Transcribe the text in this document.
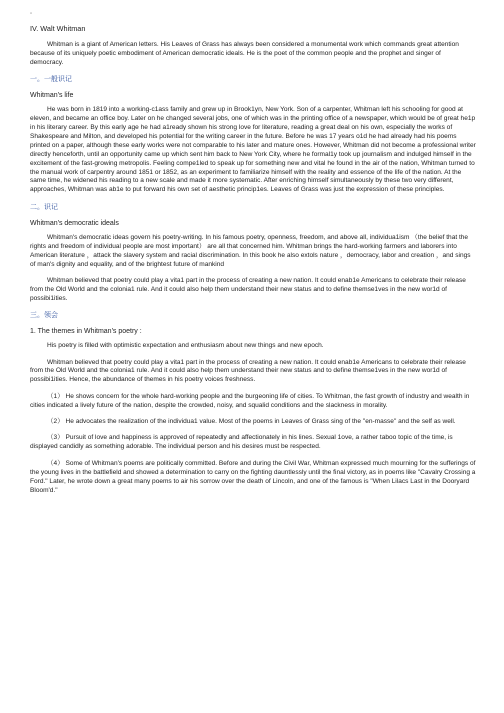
▫
IV. Walt Whitman
Whitman is a giant of American letters. His Leaves of Grass has always been considered a monumental work which commands great attention because of its uniquely poetic embodiment of American democratic ideals. He is the poet of the common people and the prophet and singer of democracy.
一。一般识记
Whitman's life
He was born in 1819 into a working-c1ass family and grew up in Brook1yn, New York. Son of a carpenter, Whitman left his schooling for good at eleven, and became an office boy. Later on he changed several jobs, one of which was in the printing office of a newspaper, which would be of great he1p in his literary career. By this early age he had a1ready shown his strong love for literature, reading a great deal on his own, especially the works of Shakespeare and Milton, and developed his potential for the writing career in the future. Before he was 17 years o1d he had already had his poems printed on a paper, although these early works were not comparable to his later and mature ones. However, Whitman did not become a professional writer directly henceforth, until an opportunity came up which sent him back to New York City, where he formal1y took up journalism and indulged himself in the excitement of the fast-growing metropolis. Feeling compe1led to speak up for something new and vital he found in the air of the nation, Whitman turned to the manual work of carpentry around 1851 or 1852, as an experiment to familiarize himself with the reality and essence of the life of the nation. At the same time, he widened his reading to a new scale and made it more systematic. After enriching himself simultaneously by these two very different, approaches, Whitman was ab1e to put forward his own set of aesthetic princip1es. Leaves of Grass was just the expression of these principles.
二。识记
Whitman's democratic ideals
Whitman's democratic ideas govern his poetry-writing. In his famous poetry, openness, freedom, and above all, individua1ism （the belief that the rights and freedom of individual people are most important） are all that concerned him. Whitman brings the hard-working farmers and laborers into American literature ，attack the slavery system and racial discrimination. In this book he also extols nature ，democracy, labor and creation ，and sings of man's dignity and equality, and of the brightest future of mankind
Whitman believed that poetry could play a vita1 part in the process of creating a new nation. It could enab1e Americans to celebrate their release from the Old World and the colonia1 rule. And it could also help them understand their new status and to define themse1ves in the new wor1d of possibi1ities.
三。领会
1. The themes in Whitman's poetry :
His poetry is filled with optimistic expectation and enthusiasm about new things and new epoch.
Whitman believed that poetry could play a vita1 part in the process of creating a new nation. It could enab1e Americans to celebrate their release from the Old World and the colonia1 rule. And it could also help them understand their new status and to define themse1ves in the new wor1d of possibi1ities. Hence, the abundance of themes in his poetry voices freshness.
（1） He shows concern for the whole hard-working people and the burgeoning life of cities. To Whitman, the fast growth of industry and wealth in cities indicated a lively future of the nation, despite the crowded, noisy, and squalid conditions and the slackness in morality.
（2） He advocates the realization of the individua1 value. Most of the poems in Leaves of Grass sing of the "en-masse" and the self as well.
（3） Pursuit of love and happiness is approved of repeatedly and affectionately in his lines. Sexual 1ove, a rather taboo topic of the time, is displayed candidly as something adorable. The individual person and his desires must be respected.
（4） Some of Whitman's poems are politically committed. Before and during the Civil War, Whitman expressed much mourning for the sufferings of the young lives in the battlefield and showed a determination to carry on the fighting dauntlessly until the final victory, as in poems like "Cavalry Crossing a Ford." Later, he wrote down a great many poems to air his sorrow over the death of Lincoln, and one of the famous is "When Lilacs Last in the Dooryard Bloom'd."
